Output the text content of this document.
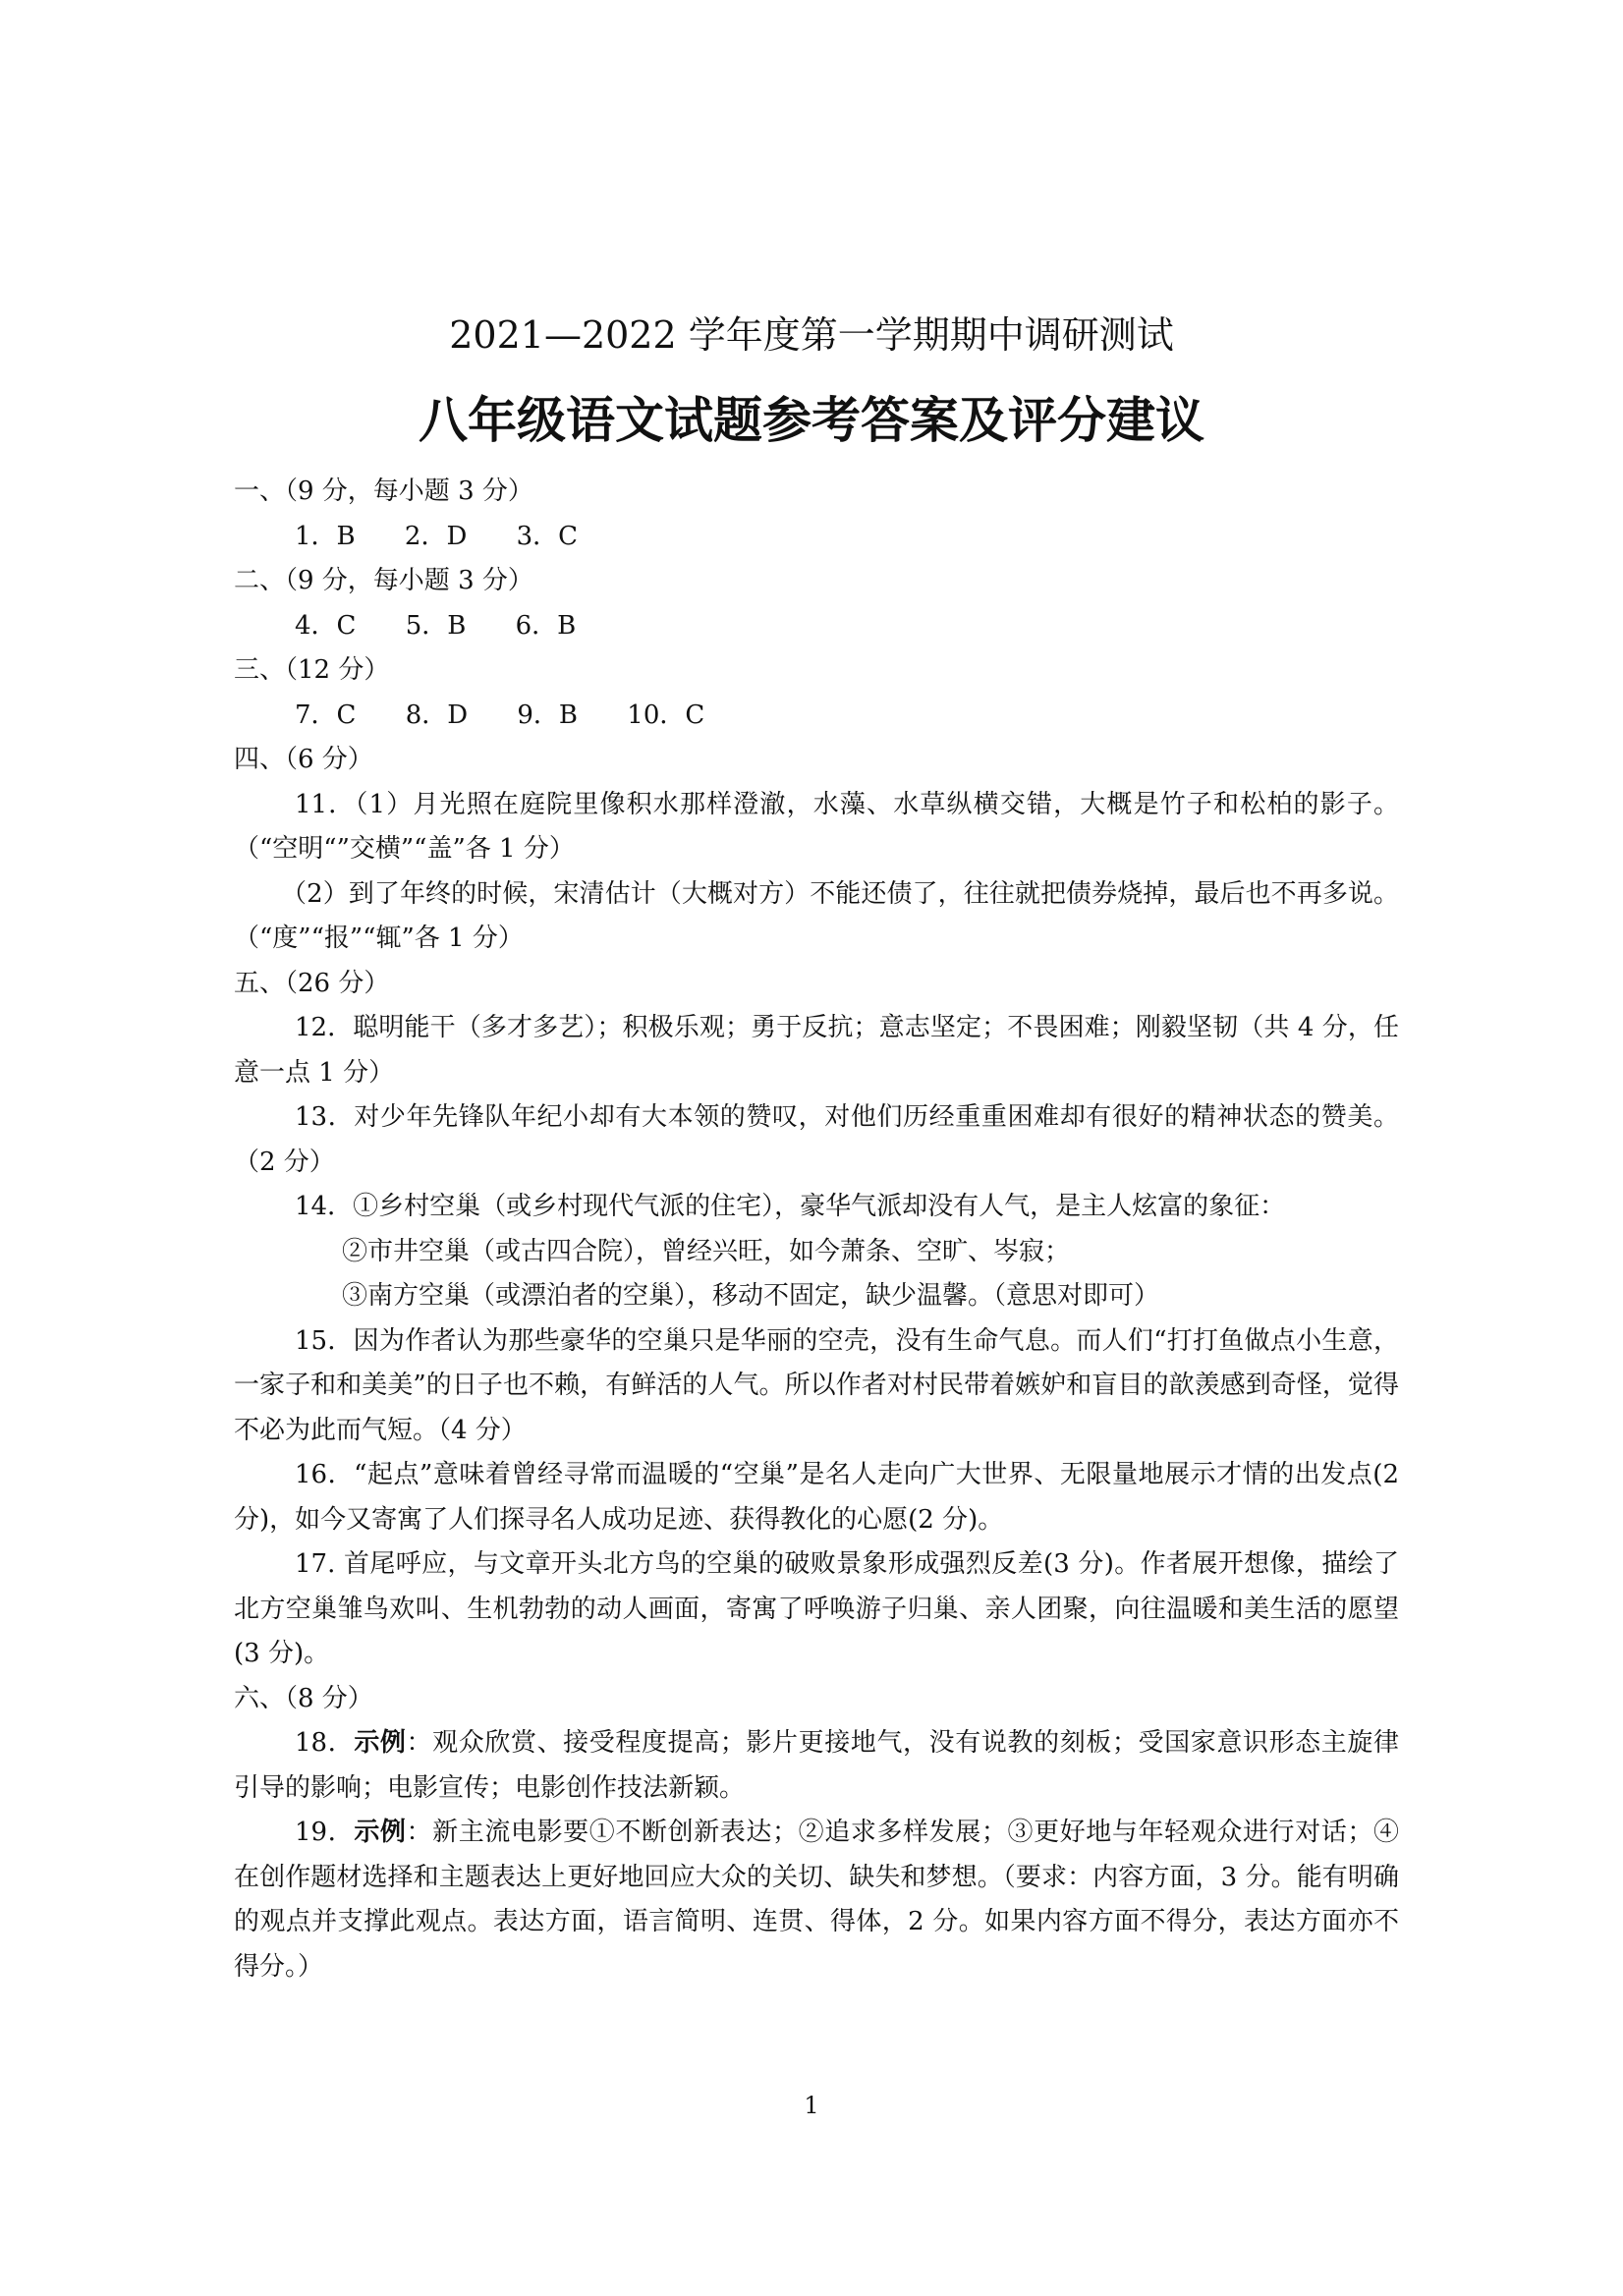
2021—2022 学年度第一学期期中调研测试
八年级语文试题参考答案及评分建议
一、（9 分，每小题 3 分）
1．B 2．D 3．C
二、（9 分，每小题 3 分）
4．C 5．B 6．B
三、（12 分）
7．C 8．D 9．B 10．C
四、（6 分）
11．（1）月光照在庭院里像积水那样澄澈，水藻、水草纵横交错，大概是竹子和松柏的影子。（“空明“”交横”“盖”各 1 分）
（2）到了年终的时候，宋清估计（大概对方）不能还债了，往往就把债券烧掉，最后也不再多说。（“度”“报”“辄”各 1 分）
五、（26 分）
12．聪明能干（多才多艺）；积极乐观；勇于反抗；意志坚定；不畏困难；刚毅坚韧（共 4 分，任意一点 1 分）
13．对少年先锋队年纪小却有大本领的赞叹，对他们历经重重困难却有很好的精神状态的赞美。（2 分）
14．①乡村空巢（或乡村现代气派的住宅），豪华气派却没有人气，是主人炫富的象征：
②市井空巢（或古四合院），曾经兴旺，如今萧条、空旷、岑寂；
③南方空巢（或漂泊者的空巢），移动不固定，缺少温馨。（意思对即可）
15．因为作者认为那些豪华的空巢只是华丽的空壳，没有生命气息。而人们“打打鱼做点小生意，一家子和和美美”的日子也不赖，有鲜活的人气。所以作者对村民带着嫉妒和盲目的歆羡感到奇怪，觉得不必为此而气短。（4 分）
16．“起点”意味着曾经寻常而温暖的“空巢”是名人走向广大世界、无限量地展示才情的出发点(2 分)，如今又寄寓了人们探寻名人成功足迹、获得教化的心愿(2 分)。
17. 首尾呼应，与文章开头北方鸟的空巢的破败景象形成强烈反差(3 分)。作者展开想像，描绘了北方空巢雏鸟欢叫、生机勃勃的动人画面，寄寓了呼唤游子归巢、亲人团聚，向往温暖和美生活的愿望(3 分)。
六、（8 分）
18．示例：观众欣赏、接受程度提高；影片更接地气，没有说教的刻板；受国家意识形态主旋律引导的影响；电影宣传；电影创作技法新颖。
19．示例：新主流电影要①不断创新表达；②追求多样发展；③更好地与年轻观众进行对话；④在创作题材选择和主题表达上更好地回应大众的关切、缺失和梦想。（要求：内容方面，3 分。能有明确的观点并支撑此观点。表达方面，语言简明、连贯、得体，2 分。如果内容方面不得分，表达方面亦不得分。）
1
